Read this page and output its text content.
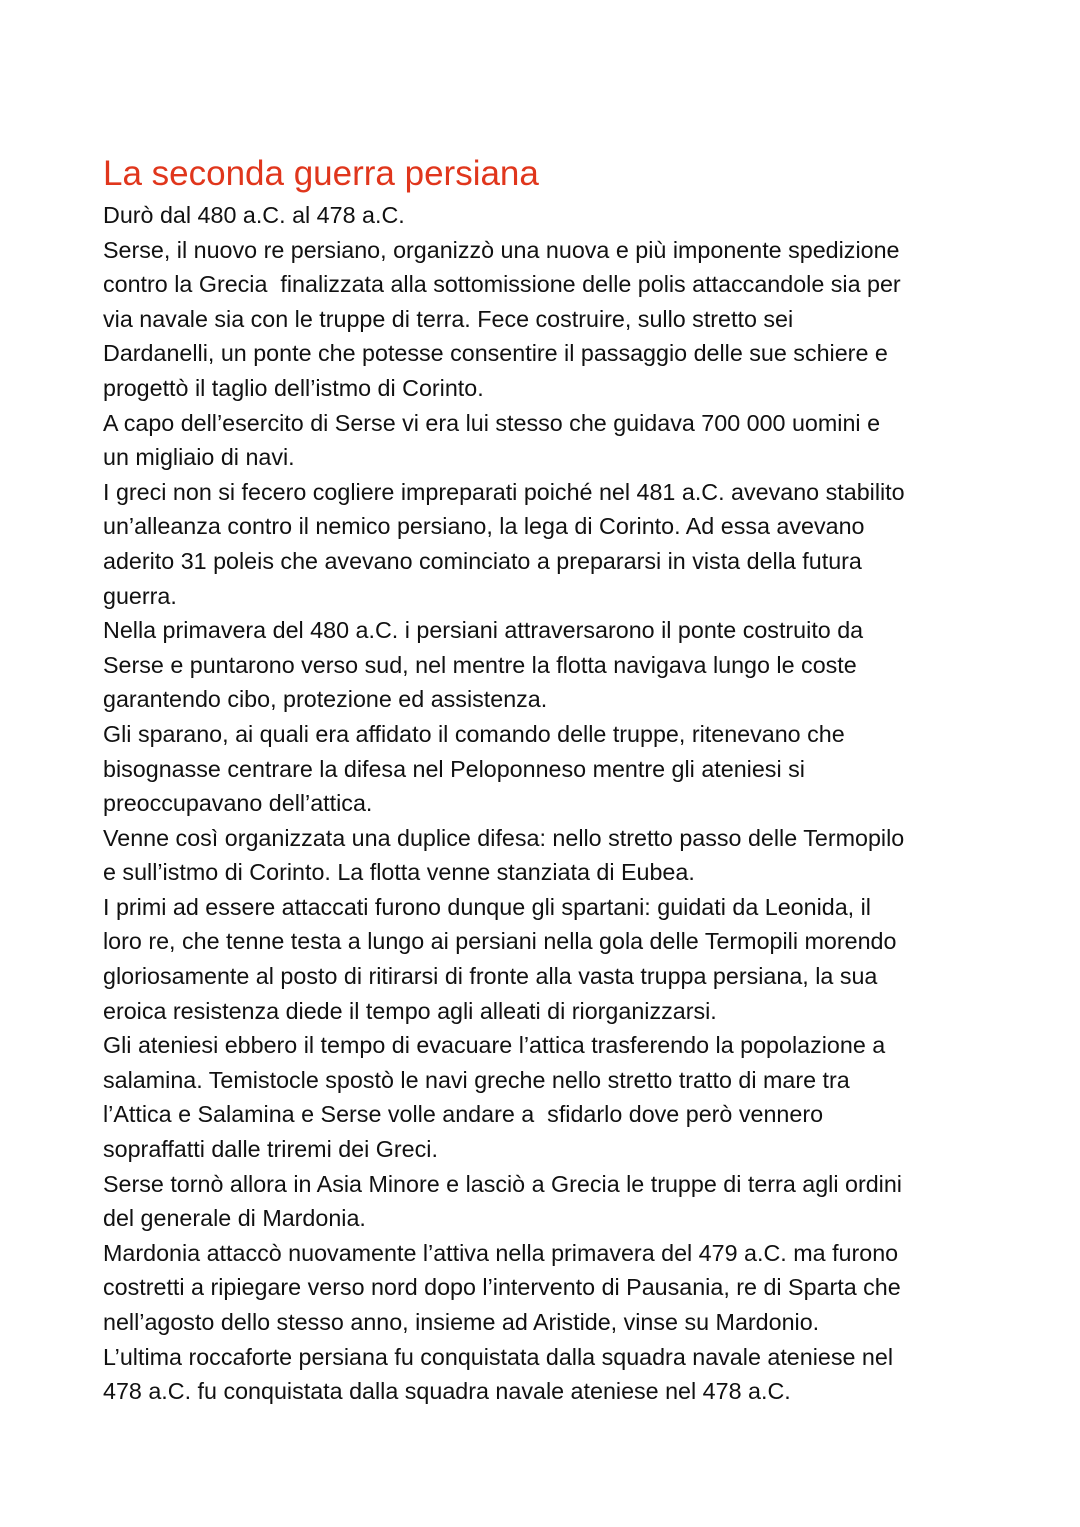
La seconda guerra persiana
Durò dal 480 a.C. al 478 a.C.
Serse, il nuovo re persiano, organizzò una nuova e più imponente spedizione
contro la Grecia  finalizzata alla sottomissione delle polis attaccandole sia per
via navale sia con le truppe di terra. Fece costruire, sullo stretto sei
Dardanelli, un ponte che potesse consentire il passaggio delle sue schiere e
progettò il taglio dell’istmo di Corinto.
A capo dell’esercito di Serse vi era lui stesso che guidava 700 000 uomini e
un migliaio di navi.
I greci non si fecero cogliere impreparati poiché nel 481 a.C. avevano stabilito
un’alleanza contro il nemico persiano, la lega di Corinto. Ad essa avevano
aderito 31 poleis che avevano cominciato a prepararsi in vista della futura
guerra.
Nella primavera del 480 a.C. i persiani attraversarono il ponte costruito da
Serse e puntarono verso sud, nel mentre la flotta navigava lungo le coste
garantendo cibo, protezione ed assistenza.
Gli sparano, ai quali era affidato il comando delle truppe, ritenevano che
bisognasse centrare la difesa nel Peloponneso mentre gli ateniesi si
preoccupavano dell’attica.
Venne così organizzata una duplice difesa: nello stretto passo delle Termopilo
e sull’istmo di Corinto. La flotta venne stanziata di Eubea.
I primi ad essere attaccati furono dunque gli spartani: guidati da Leonida, il
loro re, che tenne testa a lungo ai persiani nella gola delle Termopili morendo
gloriosamente al posto di ritirarsi di fronte alla vasta truppa persiana, la sua
eroica resistenza diede il tempo agli alleati di riorganizzarsi.
Gli ateniesi ebbero il tempo di evacuare l’attica trasferendo la popolazione a
salamina. Temistocle spostò le navi greche nello stretto tratto di mare tra
l’Attica e Salamina e Serse volle andare a  sfidarlo dove però vennero
sopraffatti dalle triremi dei Greci.
Serse tornò allora in Asia Minore e lasciò a Grecia le truppe di terra agli ordini
del generale di Mardonia.
Mardonia attaccò nuovamente l’attiva nella primavera del 479 a.C. ma furono
costretti a ripiegare verso nord dopo l’intervento di Pausania, re di Sparta che
nell’agosto dello stesso anno, insieme ad Aristide, vinse su Mardonio.
L’ultima roccaforte persiana fu conquistata dalla squadra navale ateniese nel
478 a.C. fu conquistata dalla squadra navale ateniese nel 478 a.C.
